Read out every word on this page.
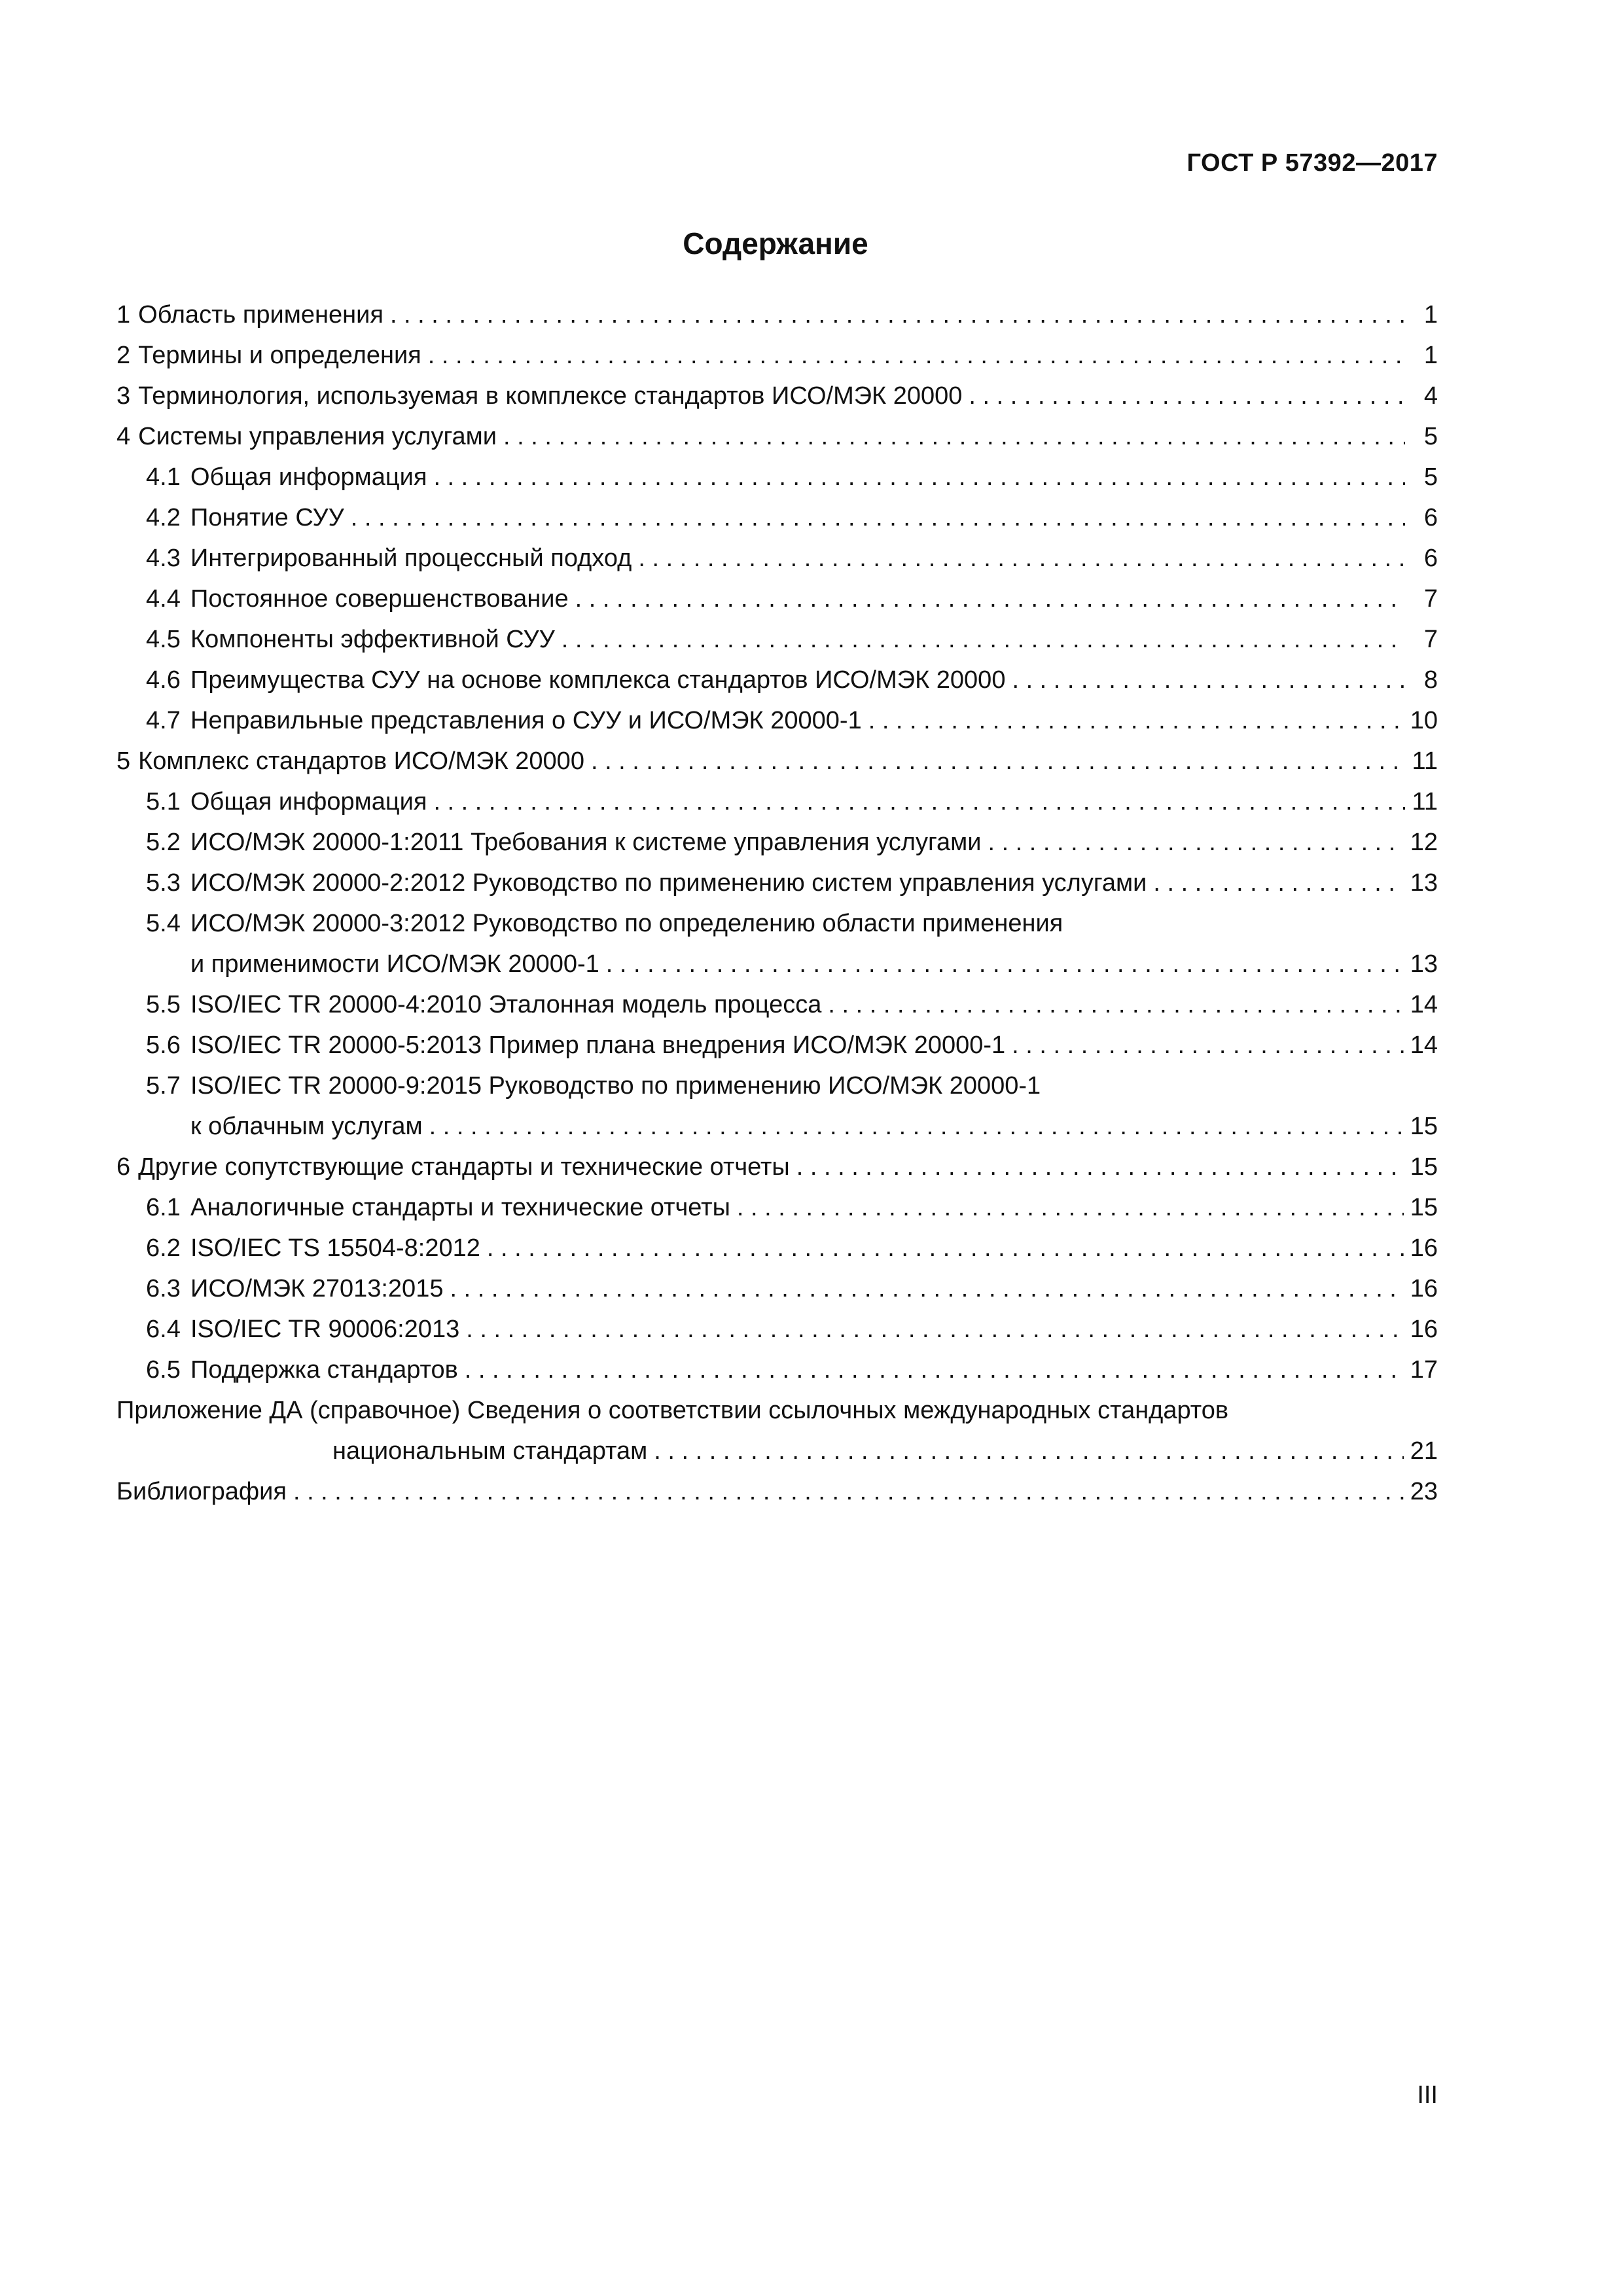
ГОСТ Р 57392—2017
Содержание
1 Область применения . . .	1
2 Термины и определения . . .	1
3 Терминология, используемая в комплексе стандартов ИСО/МЭК 20000 . . .	4
4 Системы управления услугами . . .	5
4.1 Общая информация . . .	5
4.2 Понятие СУУ . . .	6
4.3 Интегрированный процессный подход . . .	6
4.4 Постоянное совершенствование . . .	7
4.5 Компоненты эффективной СУУ . . .	7
4.6 Преимущества СУУ на основе комплекса стандартов ИСО/МЭК 20000 . . .	8
4.7 Неправильные представления о СУУ и ИСО/МЭК 20000-1 . . .	10
5 Комплекс стандартов ИСО/МЭК 20000 . . .	11
5.1 Общая информация . . .	11
5.2 ИСО/МЭК 20000-1:2011 Требования к системе управления услугами . . .	12
5.3 ИСО/МЭК 20000-2:2012 Руководство по применению систем управления услугами . . .	13
5.4 ИСО/МЭК 20000-3:2012 Руководство по определению области применения
и применимости ИСО/МЭК 20000-1 . . .	13
5.5 ISO/IEC TR 20000-4:2010 Эталонная модель процесса . . .	14
5.6 ISO/IEC TR 20000-5:2013 Пример плана внедрения ИСО/МЭК 20000-1 . . .	14
5.7 ISO/IEC TR 20000-9:2015 Руководство по применению ИСО/МЭК 20000-1
к облачным услугам . . .	15
6 Другие сопутствующие стандарты и технические отчеты . . .	15
6.1 Аналогичные стандарты и технические отчеты . . .	15
6.2 ISO/IEC TS 15504-8:2012 . . .	16
6.3 ИСО/МЭК 27013:2015 . . .	16
6.4 ISO/IEC TR 90006:2013 . . .	16
6.5 Поддержка стандартов . . .	17
Приложение ДА (справочное) Сведения о соответствии ссылочных международных стандартов
национальным стандартам . . .	21
Библиография . . .	23
III
